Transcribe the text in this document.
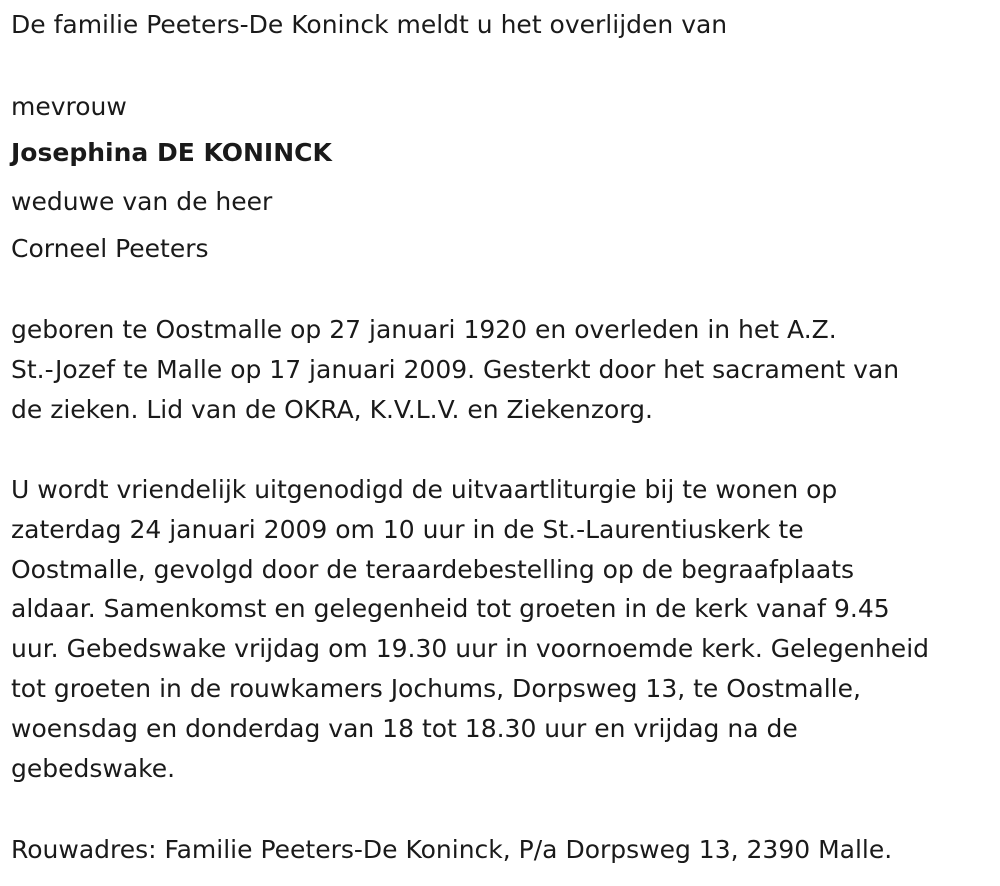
De familie Peeters-De Koninck meldt u het overlijden van
mevrouw
Josephina DE KONINCK
weduwe van de heer
Corneel Peeters
geboren te Oostmalle op 27 januari 1920 en overleden in het A.Z.
St.-Jozef te Malle op 17 januari 2009. Gesterkt door het sacrament van
de zieken. Lid van de OKRA, K.V.L.V. en Ziekenzorg.
U wordt vriendelijk uitgenodigd de uitvaartliturgie bij te wonen op
zaterdag 24 januari 2009 om 10 uur in de St.-Laurentiuskerk te
Oostmalle, gevolgd door de teraardebestelling op de begraafplaats
aldaar. Samenkomst en gelegenheid tot groeten in de kerk vanaf 9.45
uur. Gebedswake vrijdag om 19.30 uur in voornoemde kerk. Gelegenheid
tot groeten in de rouwkamers Jochums, Dorpsweg 13, te Oostmalle,
woensdag en donderdag van 18 tot 18.30 uur en vrijdag na de
gebedswake.
Rouwadres: Familie Peeters-De Koninck, P/a Dorpsweg 13, 2390 Malle.
